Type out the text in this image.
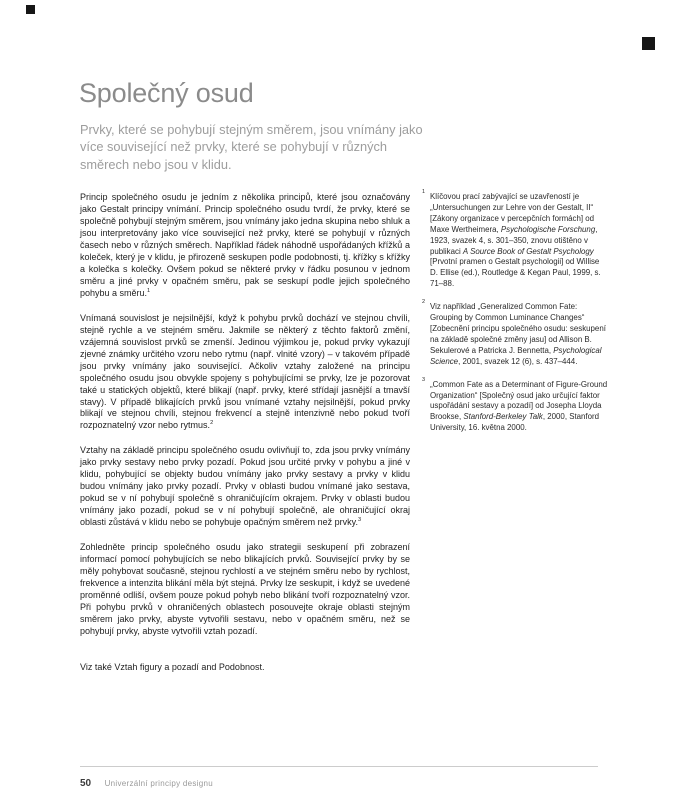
Společný osud

Prvky, které se pohybují stejným směrem, jsou vnímány jako více související než prvky, které se pohybují v různých směrech nebo jsou v klidu.

Princip společného osudu je jedním z několika principů, které jsou označovány jako Gestalt principy vnímání. Princip společného osudu tvrdí, že prvky, které se společně pohybují stejným směrem, jsou vnímány jako jedna skupina nebo shluk a jsou interpretovány jako více související než prvky, které se pohybují v různých časech nebo v různých směrech. Například řádek náhodně uspořádaných křížků a koleček, který je v klidu, je přirozeně seskupen podle podobnosti, tj. křížky s křížky a kolečka s kolečky. Ovšem pokud se některé prvky v řádku posunou v jednom směru a jiné prvky v opačném směru, pak se seskupí podle jejich společného pohybu a směru.$^1$

Vnímaná souvislost je nejsilnější, když k pohybu prvků dochází ve stejnou chvíli, stejně rychle a ve stejném směru. Jakmile se některý z těchto faktorů změní, vzájemná souvislost prvků se zmenší. Jedinou výjimkou je, pokud prvky vykazují zjevné známky určitého vzoru nebo rytmu (např. vlnité vzory) – v takovém případě jsou prvky vnímány jako související. Ačkoliv vztahy založené na principu společného osudu jsou obvykle spojeny s pohybujícími se prvky, lze je pozorovat také u statických objektů, které blikají (např. prvky, které střídají jasnější a tmavší stavy). V případě blikajících prvků jsou vnímané vztahy nejsilnější, pokud prvky blikají ve stejnou chvíli, stejnou frekvencí a stejně intenzivně nebo pokud tvoří rozpoznatelný vzor nebo rytmus.$^2$

Vztahy na základě principu společného osudu ovlivňují to, zda jsou prvky vnímány jako prvky sestavy nebo prvky pozadí. Pokud jsou určité prvky v pohybu a jiné v klidu, pohybující se objekty budou vnímány jako prvky sestavy a prvky v klidu budou vnímány jako prvky pozadí. Prvky v oblasti budou vnímané jako sestava, pokud se v ní pohybují společně s ohraničujícím okrajem. Prvky v oblasti budou vnímány jako pozadí, pokud se v ní pohybují společně, ale ohraničující okraj oblasti zůstává v klidu nebo se pohybuje opačným směrem než prvky.$^3$

Zohledněte princip společného osudu jako strategii seskupení při zobrazení informací pomocí pohybujících se nebo blikajících prvků. Související prvky by se měly pohybovat současně, stejnou rychlostí a ve stejném směru nebo by rychlost, frekvence a intenzita blikání měla být stejná. Prvky lze seskupit, i když se uvedené proměnné odliší, ovšem pouze pokud pohyb nebo blikání tvoří rozpoznatelný vzor. Při pohybu prvků v ohraničených oblastech posouvejte okraje oblasti stejným směrem jako prvky, abyste vytvořili sestavu, nebo v opačném směru, než se pohybují prvky, abyste vytvořili vztah pozadí.

Viz také Vztah figury a pozadí and Podobnost.

1 Klíčovou prací zabývající se uzavřeností je „Untersuchungen zur Lehre von der Gestalt, II“ [Zákony organizace v percepčních formách] od Maxe Wertheimera, Psychologische Forschung, 1923, svazek 4, s. 301–350, znovu otištěno v publikaci A Source Book of Gestalt Psychology [Prvotní pramen o Gestalt psychologii] od Willise D. Ellise (ed.), Routledge & Kegan Paul, 1999, s. 71–88.
2 Viz například „Generalized Common Fate: Grouping by Common Luminance Changes“ [Zobecnění principu společného osudu: seskupení na základě společné změny jasu] od Allison B. Sekulerové a Patricka J. Bennetta, Psychological Science, 2001, svazek 12 (6), s. 437–444.
3 „Common Fate as a Determinant of Figure-Ground Organization“ [Společný osud jako určující faktor uspořádání sestavy a pozadí] od Josepha Lloyda Brookse, Stanford-Berkeley Talk, 2000, Stanford University, 16. května 2000.
50 Univerzální principy designu
